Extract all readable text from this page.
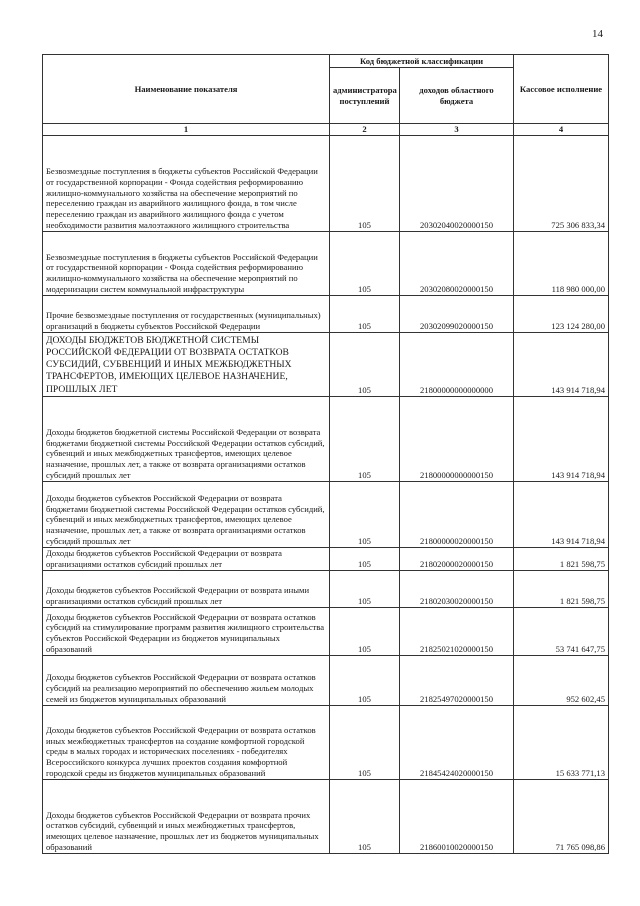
14
Наименование показателя	Код бюджетной классификации		Кассовое исполнение
	администратора поступлений	доходов областного бюджета	
1	2	3	4
Безвозмездные поступления в бюджеты субъектов Российской Федерации от государственной корпорации - Фонда содействия реформированию жилищно-коммунального хозяйства на обеспечение мероприятий по переселению граждан из аварийного жилищного фонда, в том числе переселению граждан из аварийного жилищного фонда с учетом необходимости развития малоэтажного жилищного строительства	105	20302040020000150	725 306 833,34
Безвозмездные поступления в бюджеты субъектов Российской Федерации от государственной корпорации - Фонда содействия реформированию жилищно-коммунального хозяйства на обеспечение мероприятий по модернизации систем коммунальной инфраструктуры	105	20302080020000150	118 980 000,00
Прочие безвозмездные поступления от государственных (муниципальных) организаций в бюджеты субъектов Российской Федерации	105	20302099020000150	123 124 280,00
ДОХОДЫ БЮДЖЕТОВ БЮДЖЕТНОЙ СИСТЕМЫ РОССИЙСКОЙ ФЕДЕРАЦИИ ОТ ВОЗВРАТА ОСТАТКОВ СУБСИДИЙ, СУБВЕНЦИЙ И ИНЫХ МЕЖБЮДЖЕТНЫХ ТРАНСФЕРТОВ, ИМЕЮЩИХ ЦЕЛЕВОЕ НАЗНАЧЕНИЕ, ПРОШЛЫХ ЛЕТ	105	21800000000000000	143 914 718,94
Доходы бюджетов бюджетной системы Российской Федерации от возврата бюджетами бюджетной системы Российской Федерации остатков субсидий, субвенций и иных межбюджетных трансфертов, имеющих целевое назначение, прошлых лет, а также от возврата организациями остатков субсидий прошлых лет	105	21800000000000150	143 914 718,94
Доходы бюджетов субъектов Российской Федерации от возврата бюджетами бюджетной системы Российской Федерации остатков субсидий, субвенций и иных межбюджетных трансфертов, имеющих целевое назначение, прошлых лет, а также от возврата организациями остатков субсидий прошлых лет	105	21800000020000150	143 914 718,94
Доходы бюджетов субъектов Российской Федерации от возврата организациями остатков субсидий прошлых лет	105	21802000020000150	1 821 598,75
Доходы бюджетов субъектов Российской Федерации от возврата иными организациями остатков субсидий прошлых лет	105	21802030020000150	1 821 598,75
Доходы бюджетов субъектов Российской Федерации от возврата остатков субсидий на стимулирование программ развития жилищного строительства субъектов Российской Федерации из бюджетов муниципальных образований	105	21825021020000150	53 741 647,75
Доходы бюджетов субъектов Российской Федерации от возврата остатков субсидий на реализацию мероприятий по обеспечению жильем молодых семей из бюджетов муниципальных образований	105	21825497020000150	952 602,45
Доходы бюджетов субъектов Российской Федерации от возврата остатков иных межбюджетных трансфертов на создание комфортной городской среды в малых городах и исторических поселениях - победителях Всероссийского конкурса лучших проектов создания комфортной городской среды из бюджетов муниципальных образований	105	21845424020000150	15 633 771,13
Доходы бюджетов субъектов Российской Федерации от возврата прочих остатков субсидий, субвенций и иных межбюджетных трансфертов, имеющих целевое назначение, прошлых лет из бюджетов муниципальных образований	105	21860010020000150	71 765 098,86
